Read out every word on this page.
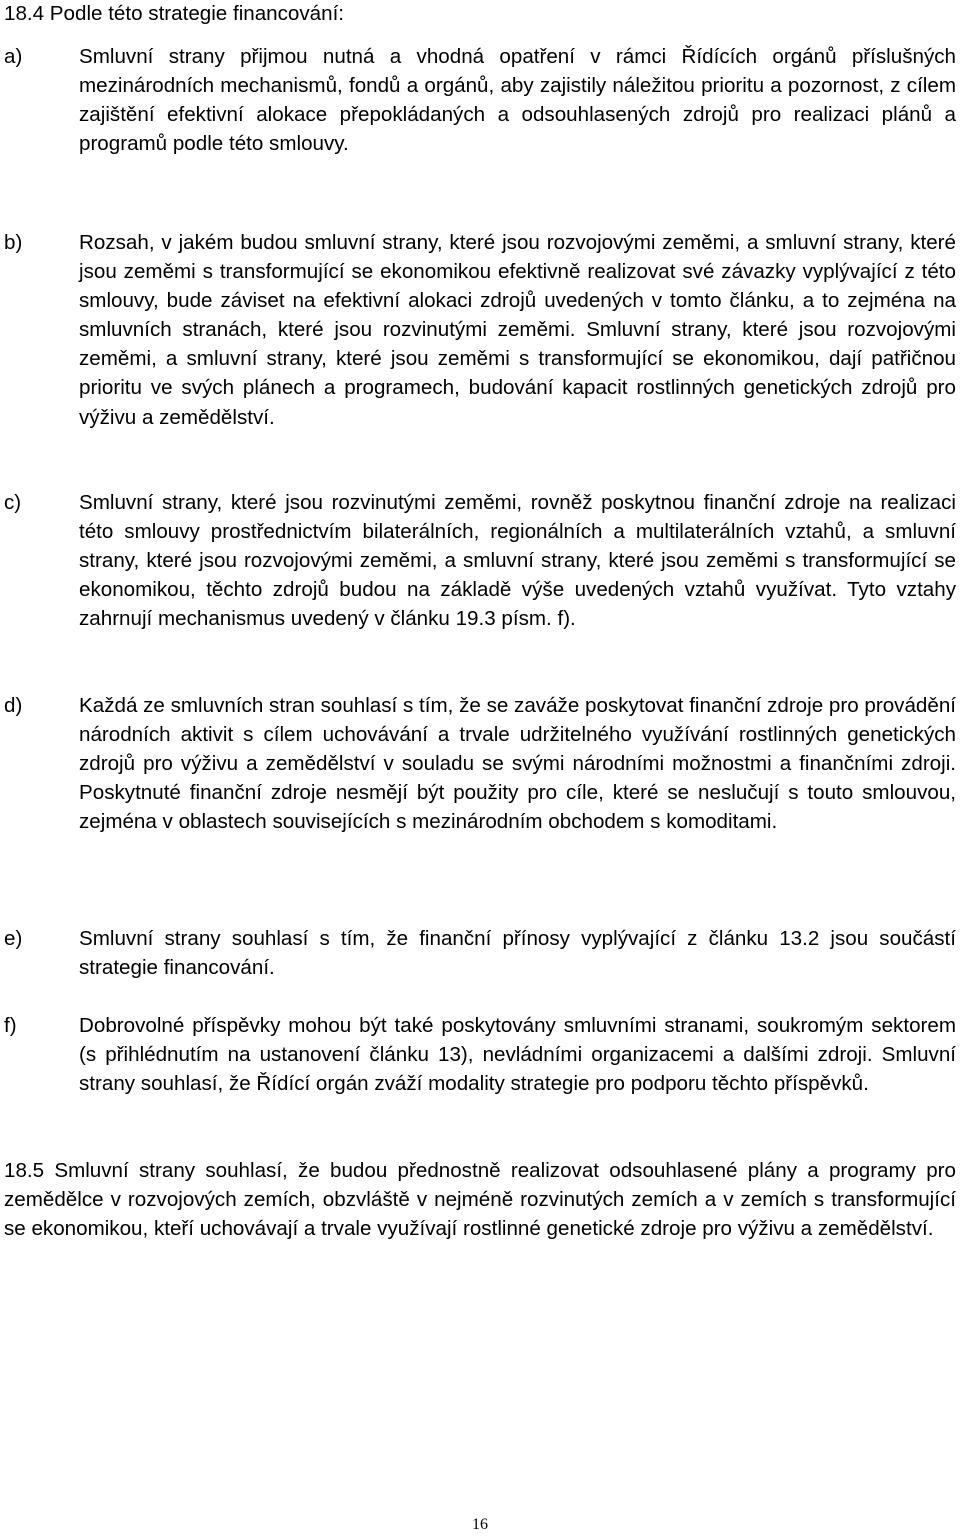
18.4 Podle této strategie financování:
a)	Smluvní strany přijmou nutná a vhodná opatření v rámci Řídících orgánů příslušných mezinárodních mechanismů, fondů a orgánů, aby zajistily náležitou prioritu a pozornost, z cílem zajištění efektivní alokace přepokládaných a odsouhlasených zdrojů pro realizaci plánů a programů podle této smlouvy.

b)	Rozsah, v jakém budou smluvní strany, které jsou rozvojovými zeměmi, a smluvní strany, které jsou zeměmi s transformující se ekonomikou efektivně realizovat své závazky vyplývající z této smlouvy, bude záviset na efektivní alokaci zdrojů uvedených v tomto článku, a to zejména na smluvních stranách, které jsou rozvinutými zeměmi. Smluvní strany, které jsou rozvojovými zeměmi, a smluvní strany, které jsou zeměmi s transformující se ekonomikou, dají patřičnou prioritu ve svých plánech a programech, budování kapacit rostlinných genetických zdrojů pro výživu a zemědělství.

c)	Smluvní strany, které jsou rozvinutými zeměmi, rovněž poskytnou finanční zdroje na realizaci této smlouvy prostřednictvím bilaterálních, regionálních a multilaterálních vztahů, a smluvní strany, které jsou rozvojovými zeměmi, a smluvní strany, které jsou zeměmi s transformující se ekonomikou, těchto zdrojů budou na základě výše uvedených vztahů využívat. Tyto vztahy zahrnují mechanismus uvedený v článku 19.3 písm. f).

d)	Každá ze smluvních stran souhlasí s tím, že se zaváže poskytovat finanční zdroje pro provádění národních aktivit s cílem uchovávání a trvale udržitelného využívání rostlinných genetických zdrojů pro výživu a zemědělství v souladu se svými národními možnostmi a finančními zdroji. Poskytnuté finanční zdroje nesmějí být použity pro cíle, které se neslučují s touto smlouvou, zejména v oblastech souvisejících s mezinárodním obchodem s komoditami.

e)	Smluvní strany souhlasí s tím, že finanční přínosy vyplývající z článku 13.2 jsou součástí strategie financování.

f)	Dobrovolné příspěvky mohou být také poskytovány smluvními stranami, soukromým sektorem (s přihlédnutím na ustanovení článku 13), nevládními organizacemi a dalšími zdroji. Smluvní strany souhlasí, že Řídící orgán zváží modality strategie pro podporu těchto příspěvků.

18.5 Smluvní strany souhlasí, že budou přednostně realizovat odsouhlasené plány a programy pro zemědělce v rozvojových zemích, obzvláště v nejméně rozvinutých zemích a v zemích s transformující se ekonomikou, kteří uchovávají a trvale využívají rostlinné genetické zdroje pro výživu a zemědělství.

16
